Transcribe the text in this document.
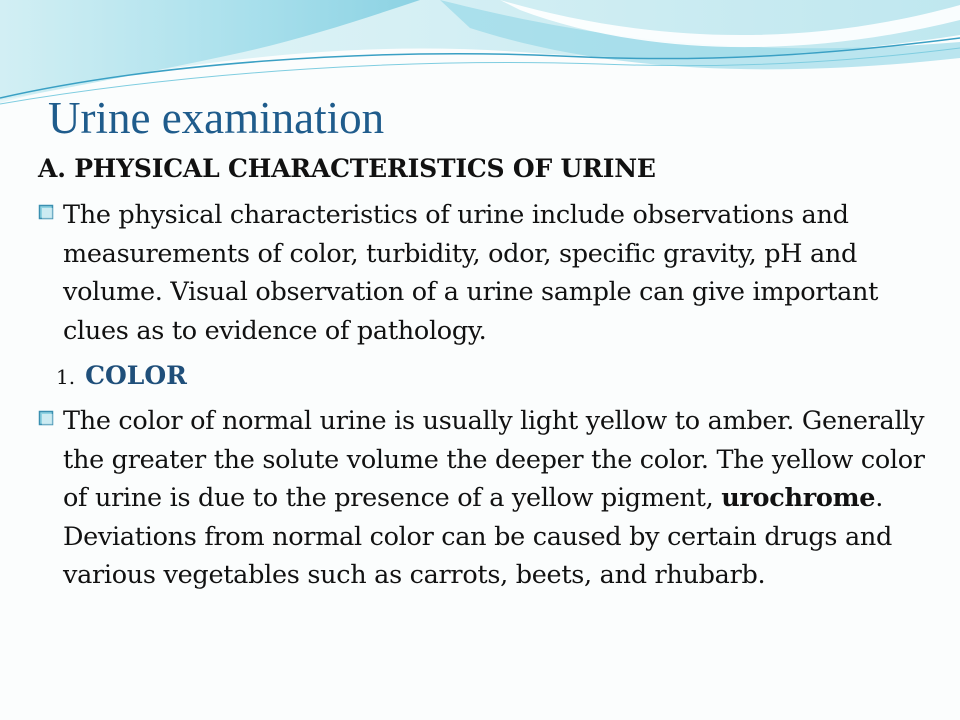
Urine examination
A. PHYSICAL CHARACTERISTICS OF URINE

The physical characteristics of urine include observations and measurements of color, turbidity, odor, specific gravity, pH and volume. Visual observation of a urine sample can give important clues as to evidence of pathology.

1. COLOR

The color of normal urine is usually light yellow to amber. Generally the greater the solute volume the deeper the color. The yellow color of urine is due to the presence of a yellow pigment, urochrome. Deviations from normal color can be caused by certain drugs and various vegetables such as carrots, beets, and rhubarb.
